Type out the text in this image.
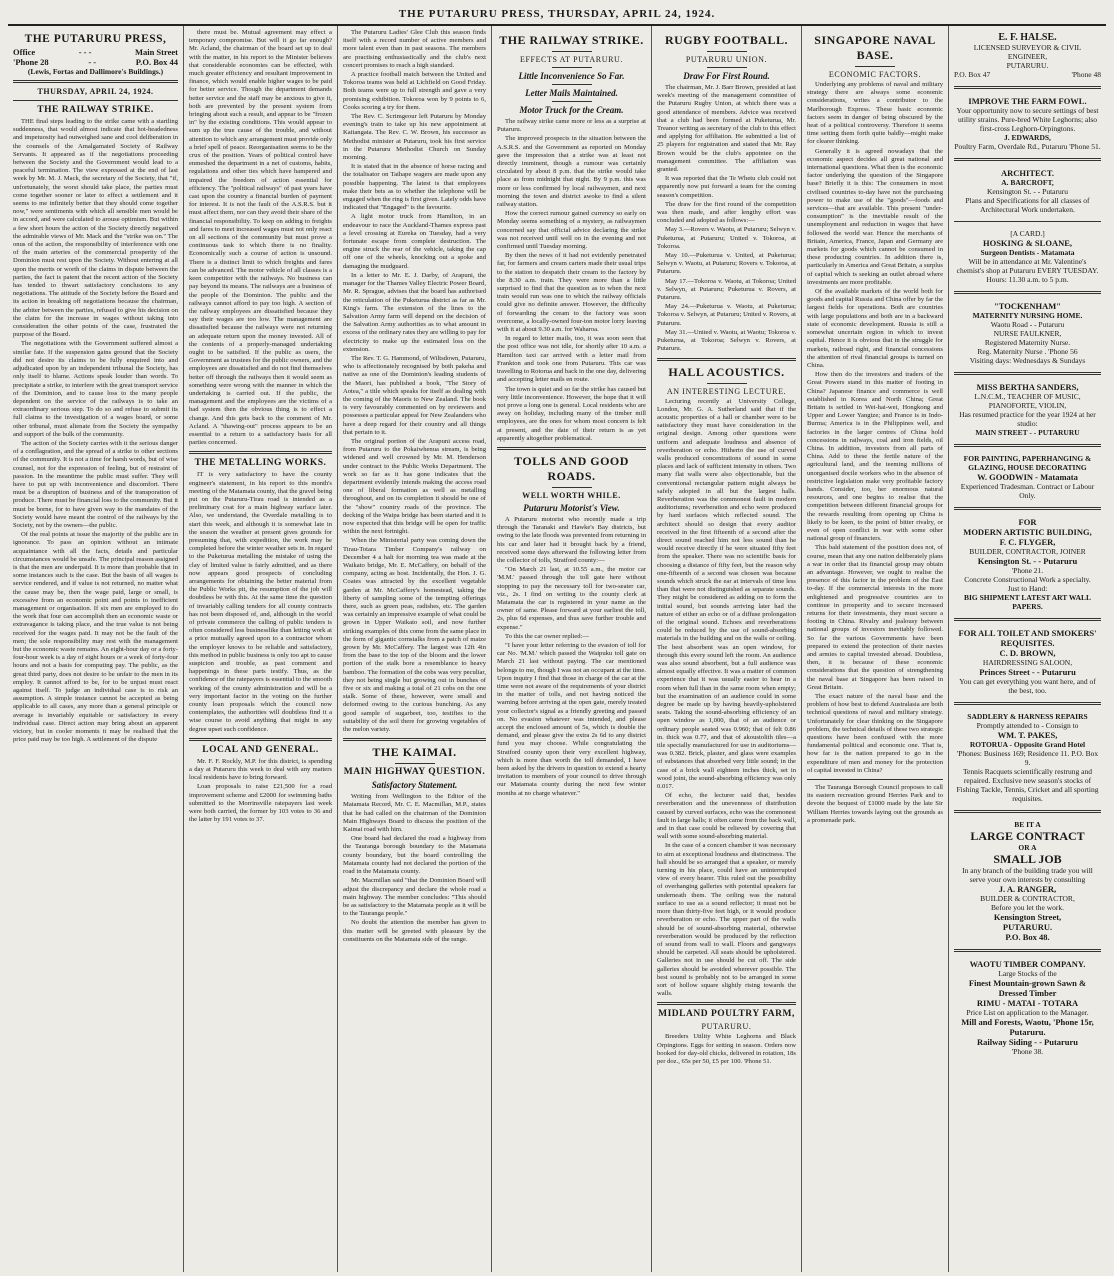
THE PUTARURU PRESS, THURSDAY, APRIL 24, 1924.
THE PUTARURU PRESS,
Office	- - -	Main Street
'Phone 28	- -	P.O. Box 44
(Lewis, Fortas and Dallimore's Buildings.)
THURSDAY, APRIL 24, 1924.
THE RAILWAY STRIKE.

THE final steps leading to the strike came with a startling suddenness, that would almost indicate that hot-headedness and impetuosity had outweighed sane and cool deliberation in the counsels of the Amalgamated Society of Railway Servants. It appeared as if the negotiations proceeding between the Society and the Government would lead to a peaceful termination. The view expressed at the end of last week by Mr. M. J. Mack, the secretary of the Society, that "if, unfortunately, the worst should take place, the parties must come together sooner or later to effect a settlement and it seems to me infinitely better that they should come together now," were sentiments with which all sensible men would be in accord, and were calculated to arouse optimism. But within a few short hours the action of the Society directly negatived the admirable views of Mr. Mack and the "strike was on." The onus of the action, the responsibility of interference with one of the main arteries of the commercial prosperity of the Dominion must rest upon the Society. Without entering at all upon the merits or worth of the claims in dispute between the parties, the fact is patent that the recent action of the Society has tended to thwart satisfactory conclusions to any negotiations. The attitude of the Society before the Board and its action in breaking off negotiations because the chairman, the arbiter between the parties, refused to give his decision on the claim for the increase in wages without taking into consideration the other points of the case, frustrated the purpose of the Board.

The negotiations with the Government suffered almost a similar fate. If the suspension gains ground that the Society did not desire its claims to be fully enquired into and adjudicated upon by an independent tribunal the Society, has only itself to blame. Actions speak louder than words. To precipitate a strike, to interfere with the great transport service of the Dominion, and to cause loss to the many people dependent on the service of the railways is to take an extraordinary serious step. To do so and refuse to submit its full claims to the investigation of a wages board, or some other tribunal, must alienate from the Society the sympathy and support of the bulk of the community.

The action of the Society carries with it the serious danger of a conflagration, and the spread of a strike to other sections of the community. It is not a time for harsh words, but of wise counsel, not for the expression of feeling, but of restraint of passion. In the meantime the public must suffer. They will have to put up with inconvenience and discomfort. There must be a disruption of business and of the transporation of produce. There must be financial loss to the community. But it must be borne, for to have given way to the mandates of the Society would have meant the control of the railways by the Society, not by the owners—the public.

Of the real points at issue the majority of the public are in ignorance. To pass an opinion without an intimate acquaintance with all the facts, details and particular circumstances would be unsafe. The principal reason assigned is that the men are underpaid. It is more than probable that in some instances such is the case. But the basis of all wages is service rendered, and if value is not returned, no matter what the cause may be, then the wage paid, large or small, is excessive from an economic point and points to inefficient management or organisation. If six men are employed to do the work that four can accomplish then an economic waste or extravagance is taking place, and the true value is not being received for the wages paid. It may not be the fault of the men; the sole responsibility may rest with the management but the economic waste remains. An eight-hour day or a forty-four-hour week is a day of eight hours or a week of forty-four hours and not a basis for computing pay. The public, as the great third party, does not desire to be unfair to the men in its employ. It cannot afford to be, for to be unjust must react against itself. To judge an individual case is to risk an assumption. A simple instance cannot be accepted as being applicable to all cases, any more than a general principle or average is invariably equitable or satisfactory in every individual case. Direct action may bring about an apparent victory, but in cooler moments it may be realised that the price paid may be too high. A settlement of the dispute

there must be. Mutual agreement may effect a temporary compromise. But will it go far enough? Mr. Acland, the chairman of the board set up to deal with the matter, in his report to the Minister believes that considerable economies can be effected, with much greater efficiency and resultant improvement in finance, which would enable higher wages to be paid for better service. Though the department demands better service and the staff may be anxious to give it, both are prevented by the present system from bringing about such a result, and appear to be "frozen in" by the existing conditions. This would appear to sum up the true cause of the trouble, and without attention to which any arrangement must provide only a brief spell of peace. Reorganisation seems to be the crux of the position. Years of political control have enmeshed the department in a net of customs, habits, regulations and other ties which have hampered and impaired the freedom of action essential for efficiency. The "political railways" of past years have cast upon the country a financial burden of payment for interest. It is not the fault of the A.S.R.S. but it must affect them, nor can they avoid their share of the financial responsibility. To keep on adding to freights and fares to meet increased wages must not only react on all sections of the community but must prove a continuous task to which there is no finality. Economically such a course of action is unsound. There is a distinct limit to which freights and fares can be advanced. The motor vehicle of all classes is a keen competitor with the railways. No business can pay beyond its means. The railways are a business of the people of the Dominion. The public and the railways cannot afford to pay too high. A section of the railway employees are dissatisfied because they say their wages are too low. The management are dissatisfied because the railways were not returning an adequate return upon the money invested. All of the contents of a properly-managed undertaking ought to be satisfied. If the public as users, the Government as trustees for the public owners, and the employees are dissatisfied and do not find themselves better off through the railways then it would seem as something were wrong with the manner in which the undertaking is carried out. If the public, the management and the employees are the victims of a bad system then the obvious thing is to effect a change. And this gets back to the comment of Mr. Acland. A "thawing-out" process appears to be an essential to a return to a satisfactory basis for all parties concerned.

THE METALLING WORKS.

IT is very satisfactory to have the county engineer's statement, in his report to this month's meeting of the Matamata county, that the gravel being put on the Putaruru-Tirau road is intended as a preliminary coat for a main highway surface later. Also, we understand, the Overdale metalling is to start this week, and although it is somewhat late in the season the weather at present gives grounds for presuming that, with expedition, the work may be completed before the winter weather sets in. In regard to the Puketurua metalling the mistake of using the clay of limited value is fairly admitted, and as there now appears good prospects of concluding arrangements for obtaining the better material from the Public Works pit, the resumption of the job will doubtless be with this. At the same time the question of invariably calling tenders for all county contracts has not been disposed of, and, although in the world of private commerce the calling of public tenders is often considered less businesslike than letting work at a price mutually agreed upon to a contractor whom the employer knows to be reliable and satisfactory, this method in public business is only too apt to cause suspicion and trouble, as past comment and happenings in these parts testify. Thus, as the confidence of the ratepayers is essential to the smooth working of the county administration and will be a very important factor in the voting on the further county loan proposals which the council now contemplates, the authorities will doubtless find it a wise course to avoid anything that might in any degree upset such confidence.

LOCAL AND GENERAL.

Mr. F. F. Rockly, M.P. for this district, is spending a day at Putaruru this week to deal with any matters local residents have to bring forward.

Loan proposals to raise £21,500 for a road improvement scheme and £2000 for swimming baths submitted to the Morrinsville ratepayers last week were both carried, the former by 103 votes to 36 and the latter by 191 votes to 37.

The Putaruru Ladies' Glee Club this season finds itself with a record number of active members and more talent even than in past seasons. The members are practising enthusiastically and the club's next concert promises to reach a high standard.

A practice football match between the United and Tokoroa teams was held at Lichfield on Good Friday. Both teams were up to full strength and gave a very promising exhibition. Tokoroa won by 9 points to 6, Cooks scoring a try for them.

The Rev. C. Scrimgeour left Putaruru by Monday evening's train to take up his new appointment at Kaitangata. The Rev. C. W. Brown, his successor as Methodist minister at Putaruru, took his first service in the Putaruru Methodist Church on Sunday morning.

It is stated that in the absence of horse racing and the totalisator on Taihape wagers are made upon any possible happening. The latest is that employees make their bets as to whether the telephone will be engaged when the ring is first given. Lately odds have indicated that "Engaged" is the favourite.

A light motor truck from Hamilton, in an endeavour to race the Auckland-Thames express past a level crossing at Eureka on Tuesday, had a very fortunate escape from complete destruction. The engine struck the rear of the vehicle, taking the cap off one of the wheels, knocking out a spoke and damaging the mudguard.

In a letter to Mr. E. J. Darby, of Arapuni, the manager for the Thames Valley Electric Power Board, Mr. R. Sprague, advises that the board has authorised the reticulation of the Puketurua district as far as Mr. King's farm. The extension of the lines to the Salvation Army farm will depend on the decision of the Salvation Army authorities as to what amount in excess of the ordinary rates they are willing to pay for electricity to make up the estimated loss on the extension.

The Rev. T. G. Hammond, of Wiltsdown, Putaruru, who is affectionately recognised by both pakeha and native as one of the Dominion's leading students of the Maori, has published a book, "The Story of Aotea," a title which speaks for itself as dealing with the coming of the Maoris to New Zealand. The book is very favourably commented on by reviewers and possesses a particular appeal for New Zealanders who have a deep regard for their country and all things that pertain to it.

The original portion of the Arapuni access road, from Putaruru to the Pokaiwhenua stream, is being widened and well crowned by Mr. M. Henderson under contract to the Public Works Department. The work so far as it has gone indicates that the department evidently intends making the access road one of liberal formation as well as metalling throughout, and on its completion it should be one of the "show" country roads of the province. The decking of the Waipa bridge has been started and it is now expected that this bridge will be open for traffic within the next fortnight.

When the Ministerial party was coming down the Tirau-Totara Timber Company's railway on December 4 a halt for morning tea was made at the Waikato bridge, Mr. E. McCaffery, on behalf of the company, acting as host. Incidentally, the Hon. J. G. Coates was attracted by the excellent vegetable garden at Mr. McCaffery's homestead, taking the liberty of sampling some of the tempting offerings there, such as green peas, radishes, etc. The garden was certainly an impressive example of what could be grown in Upper Waikato soil, and now further striking examples of this come from the same place in the form of gigantic cornstalks from a patch of maize grown by Mr. McCaffery. The largest was 12ft 4in from the base to the top of the bloom and the lower portion of the stalk bore a resemblance to heavy bamboo. The formation of the cobs was very peculiar, they not being single but growing out in bunches of five or six and making a total of 21 cobs on the one stalk. Some of these, however, were small and deformed owing to the curious bunching. As any good sample of sugarbeet, too, testifies to the suitability of the soil there for growing vegetables of the melon variety.

THE KAIMAI.
MAIN HIGHWAY QUESTION.
Satisfactory Statement.

Writing from Wellington to the Editor of the Matamata Record, Mr. C. E. Macmillan, M.P., states that he had called on the chairman of the Dominion Main Highways Board to discuss the position of the Kaimai road with him.

One board had declared the road a highway from the Tauranga borough boundary to the Matamata county boundary, but the board controlling the Matamata county had not declared the portion of the road in the Matamata county.

Mr. Macmillan said "that the Dominion Board will adjust the discrepancy and declare the whole road a main highway. The member concludes: "This should be as satisfactory to the Matamata people as it will be to the Tauranga people."

No doubt the attention the member has given to this matter will be greeted with pleasure by the constituents on the Matamata side of the range.

THE RAILWAY STRIKE.
EFFECTS AT PUTARURU.
Little Inconvenience So Far.
Letter Mails Maintained.
Motor Truck for the Cream.

The railway strike came more or less as a surprise at Putaruru.

The improved prospects in the situation between the A.S.R.S. and the Government as reported on Monday gave the impression that a strike was at least not directly imminent, though a rumour was certainly circulated by about 8 p.m. that the strike would take place as from midnight that night. By 9 p.m. this was more or less confirmed by local railwaymen, and next morning the town and district awoke to find a silent railway station.

How the correct rumour gained currency so early on Monday seems something of a mystery, as railwaymen concerned say that official advice declaring the strike was not received until well on in the evening and not confirmed until Tuesday morning.

By then the news of it had not evidently penetrated far, for farmers and cream carters made their usual trips to the station to despatch their cream to the factory by the 8.30 a.m. train. They were more than a little surprised to find that the question as to when the next train would run was one to which the railway officials could give no definite answer. However, the difficulty of forwarding the cream to the factory was soon overcome, a locally-owned four-ton motor lorry leaving with it at about 9.30 a.m. for Waharoa.

In regard to letter mails, too, it was soon seen that the post office was not idle, for shortly after 10 a.m. a Hamilton taxi car arrived with a letter mail from Frankton and took one from Putaruru. This car was travelling to Rotorua and back in the one day, delivering and accepting letter mails en route.

The town is quiet and so far the strike has caused but very little inconvenience. However, the hope that it will not prove a long one is general. Local residents who are away on holiday, including many of the timber mill employees, are the ones for whom most concern is felt at present, and the date of their return is as yet apparently altogether problematical.

TOLLS AND GOOD ROADS.
WELL WORTH WHILE.
Putaruru Motorist's View.

A Putaruru motorist who recently made a trip through the Taranaki and Hawke's Bay districts, but owing to the late floods was prevented from returning in his car and later had it brought back by a friend, received some days afterward the following letter from the collector of tolls, Stratford county:—

"On March 21 last, at 10.55 a.m., the motor car 'M.M.' passed through the toll gate here without stopping to pay the necessary toll for two-seater car, viz., 2s. I find on writing to the county clerk at Matamata the car is registered in your name as the owner of same. Please forward at your earliest the toll, 2s, plus 6d expenses, and thus save further trouble and expense."

To this the car owner replied:—

"I have your letter referring to the evasion of toll for car No. 'M.M.' which passed the Waipuku toll gate on March 21 last without paying. The car mentioned belongs to me, though I was not an occupant at the time. Upon inquiry I find that those in charge of the car at the time were not aware of the requirements of your district in the matter of tolls, and not having noticed the warning before arriving at the open gate, merely treated your collector's signal as a friendly greeting and passed on. No evasion whatever was intended, and please accept the enclosed amount of 5s, which is double the demand, and please give the extra 2s 6d to any district fund you may choose. While congratulating the Stratford county upon their very excellent highway, which is more than worth the toll demanded, I have been asked by the drivers in question to extend a hearty invitation to members of your council to drive through our Matamata county during the next few winter months at no charge whatever."

RUGBY FOOTBALL.
PUTARURU UNION.
Draw For First Round.

The chairman, Mr. J. Barr Brown, presided at last week's meeting of the management committee of the Putaruru Rugby Union, at which there was a good attendance of members. Advice was received that a club had been formed at Puketurua, Mr. Treanor writing as secretary of the club to this effect and applying for affiliation. He submitted a list of 25 players for registration and stated that Mr. Ray Brown would be the club's appointee on the management committee. The affiliation was granted.

It was reported that the Te Whetu club could not apparently now put forward a team for the coming season's competition.

The draw for the first round of the competition was then made, and after lengthy effort was concluded and adopted as follows:—

May 3.—Rovers v. Waotu, at Putaruru; Selwyn v. Puketurua, at Putaruru; United v. Tokoroa, at Tokoroa.

May 10.—Puketurua v. United, at Puketurua; Selwyn v. Waotu, at Putaruru; Rovers v. Tokoroa, at Putaruru.

May 17.—Tokoroa v. Waotu, at Tokoroa; United v. Selwyn, at Putaruru; Puketurua v. Rovers, at Putaruru.

May 24.—Puketurua v. Waotu, at Puketurua; Tokoroa v. Selwyn, at Putaruru; United v. Rovers, at Putaruru.

May 31.—United v. Waotu, at Waotu; Tokoroa v. Puketurua, at Tokoroa; Selwyn v. Rovers, at Putaruru.

HALL ACOUSTICS.
AN INTERESTING LECTURE.

Lecturing recently at University College, London, Mr. G. A. Sutherland said that if the acoustic properties of a hall or chamber were to be satisfactory they must have consideration in the original design. Among other questions were uniform and adequate loudness and absence of reverberation or echo. Hitherto the use of curved walls produced concentrations of sound in some places and lack of sufficient intensity in others. Two many flat walls were also objectionable, but the conventional rectangular pattern might always be safely adopted in all but the largest halls. Reverberation was the commonest fault in modern auditoriums; reverberation and echo were produced by hard surfaces which reflected sound. The architect should so design that every auditor received in the first fifteenth of a second after the direct sound reached him not less sound than he would receive directly if he were situated fifty feet from the speaker. There was no scientific basis for choosing a distance of fifty feet, but the reason why one-fifteenth of a second was chosen was because sounds which struck the ear at intervals of time less than that were not distinguished as separate sounds. They might be considered as adding on to form the initial sound, but sounds arriving later had the nature of either an echo or of a diffuse prolongation of the original sound. Echoes and reverberations could be reduced by the use of sound-absorbing materials in the building and on the walls or ceiling. The best absorbent was an open window, for through this every sound left the room. An audience was also sound absorbent, but a full audience was almost equally effective. It was a matter of common experience that it was usually easier to hear in a room when full than in the same room when empty; but the examination of an audience could in some degree be made up by having heavily-upholstered seats. Taking the sound-absorbing efficiency of an open window as 1,000, that of an audience or ordinary people seated was 0.960; that of felt 0.86 in. thick was 0.77, and that of akoustolith tiles—a tile specially manufactured for use in auditoriums—was 0.382. Brick, plaster, and glass were examples of substances that absorbed very little sound; in the case of a brick wall eighteen inches thick, set in wood joint, the sound-absorbing efficiency was only 0.017.

Of echo, the lecturer said that, besides reverberation and the unevenness of distribution caused by curved surfaces, echo was the commonest fault in large halls; it often came from the back wall, and in that case could be relieved by covering that wall with some sound-absorbing material.

In the case of a concert chamber it was necessary to aim at exceptional loudness and distinctness. The hall should be so arranged that a speaker, or merely turning in his place, could have an uninterrupted view of every hearer. This ruled out the possibility of overhanging galleries with potential speakers far underneath them. The ceiling was the natural surface to use as a sound reflector; it must not be more than thirty-five feet high, or it would produce reverberation or echo. The upper part of the walls should be of sound-absorbing material, otherwise reverberation would be produced by the reflection of sound from wall to wall. Floors and gangways should be carpeted. All seats should be upholstered. Galleries not in use should be cut off. The side galleries should be avoided wherever possible. The best sound is probably not to be arranged in some sort of hollow square slightly rising towards the walls.

MIDLAND POULTRY FARM,
PUTARURU.

Breeders Utility White Leghorns and Black Orpingtons. Eggs for setting in season. Orders now booked for day-old chicks, delivered in rotation, 18s per doz., 65s per 50, £5 per 100. 'Phone 51.

SINGAPORE NAVAL BASE.
ECONOMIC FACTORS.

Underlying any problems of naval and military strategy there are always some economic considerations, writes a contributor to the Marlborough Express. These basic economic factors seem in danger of being obscured by the heat of a political controversy. Therefore it seems time setting them forth quite baldly—might make for clearer thinking.

Generally it is agreed nowadays that the economic aspect decides all great national and international questions. What then is the economic factor underlying the question of the Singapore base? Briefly it is this: The consumers in most civilised countries to-day have not the purchasing power to make use of the "goods"—foods and services—that are available. This present "under-consumption" is the inevitable result of the unemployment and reduction in wages that have followed the world war. Hence the merchants of Britain, America, France, Japan and Germany are markets for goods which cannot be consumed in these producing countries. In addition there is, particularly in America and Great Britain, a surplus of capital which is seeking an outlet abroad where investments are more profitable.

Of the available markets of the world both for goods and capital Russia and China offer by far the largest fields for operations. Both are countries with large populations and both are in a backward state of economic development. Russia is still a somewhat uncertain region in which to invest capital. Hence it is obvious that in the struggle for markets, railroad right, and financial concessions the attention of rival financial groups is turned on China.

How then do the investors and traders of the Great Powers stand in this matter of footing in China? Japanese finance and commerce is well established in Korea and North China; Great Britain is settled in Wei-hai-wei, Hongkong and Upper and Lower Yangtze; and France is in Indo-Burma; America is in the Philippines well, and factories in the larger centres of China hold concessions in railways, coal and iron fields, oil China. In addition, investors from all parts of China. Add to these the fertile nature of the agricultural land, and the teeming millions of unorganised docile workers who in the absence of restrictive legislation make very profitable factory hands. Consider, too, her enormous natural resources, and one begins to realise that the competition between different financial groups for the rewards resulting from opening up China is likely to be keen, to the point of bitter rivalry, or even of open conflict in war with some other national group of financiers.

This bald statement of the position does not, of course, mean that any one nation deliberately plans a war in order that its financial group may obtain an advantage. However, we ought to realise the presence of this factor in the problem of the East to-day. If the commercial interests in the more enlightened and progressive countries are to continue in prosperity and to secure increased returns for their investments, they must secure a footing in China. Rivalry and jealousy between national groups of investors inevitably followed. So far the various Governments have been prepared to extend the protection of their navies and armies to capital invested abroad. Doubtless, then, it is because of these economic considerations that the question of strengthening the naval base at Singapore has been raised in Great Britain.

The exact nature of the naval base and the problem of how best to defend Australasia are both technical questions of naval and military strategy. Unfortunately for clear thinking on the Singapore problem, the technical details of these two strategic questions have been confused with the more fundamental political and economic one. That is, how far is the nation prepared to go in the expenditure of men and money for the protection of capital invested in China?

The Tauranga Borough Council proposes to call its eastern recreation ground Herries Park and to devote the bequest of £1000 made by the late Sir William Herries towards laying out the grounds as a promenade park.

E. F. HALSE.
LICENSED SURVEYOR & CIVIL ENGINEER,
PUTARURU.
P.O. Box 47	'Phone 48
IMPROVE THE FARM FOWL.
Your opportunity now to secure settings of best utility strains. Pure-bred White Leghorns; also first-cross Leghorn-Orpingtons.
J. EDWARDS,
Poultry Farm, Overdale Rd., Putaruru 'Phone 51.
ARCHITECT.
A. BARCROFT,
Kensington St. - - Putaruru
Plans and Specifications for all classes of Architectural Work undertaken.
[A CARD.]
HOSKING & SLOANE,
Surgeon Dentists - Matamata
Will be in attendance at Mr. Valentine's chemist's shop at Putaruru EVERY TUESDAY.
Hours: 11.30 a.m. to 5 p.m.
"TOCKENHAM"
MATERNITY NURSING HOME.
Waotu Road - - Putaruru
NURSE FAULKNER,
Registered Maternity Nurse.
Reg. Maternity Nurse . 'Phone 56
Visiting days: Wednesdays & Sundays
MISS BERTHA SANDERS,
L.N.C.M., TEACHER OF MUSIC, PIANOFORTE, VIOLIN,
Has resumed practice for the year 1924 at her studio:
MAIN STREET - - PUTARURU
FOR PAINTING, PAPERHANGING & GLAZING, HOUSE DECORATING
W. GOODWIN - Matamata
Experienced Tradesman. Contract or Labour Only.
FOR
MODERN ARTISTIC BUILDING,
F. C. FLYGER,
BUILDER, CONTRACTOR, JOINER
Kensington St. - - Putaruru
'Phone 21.
Concrete Constructional Work a specialty.
Just to Hand:
BIG SHIPMENT LATEST ART WALL PAPERS.
FOR ALL TOILET AND SMOKERS' REQUISITES.
C. D. BROWN,
HAIRDRESSING SALOON,
Princes Street - - Putaruru
You can get everything you want here, and of the best, too.
SADDLERY & HARNESS REPAIRS
Promptly attended to - Consign to
WM. T. PAKES,
ROTORUA - Opposite Grand Hotel
'Phones: Business 169; Residence 11. P.O. Box 9.
Tennis Racquets scientifically restrung and repaired. Exclusive new season's stocks of Fishing Tackle, Tennis, Cricket and all sporting requisites.
BE IT A
LARGE CONTRACT
OR A
SMALL JOB
In any branch of the building trade you will serve your own interests by consulting
J. A. RANGER,
BUILDER & CONTRACTOR,
Before you let the work.
Kensington Street,
PUTARURU.
P.O. Box 48.
WAOTU TIMBER COMPANY.
Large Stocks of the
Finest Mountain-grown Sawn & Dressed Timber
RIMU - MATAI - TOTARA
Price List on application to the Manager.
Mill and Forests, Waotu, 'Phone 15r, Putaruru.
Railway Siding - - Putaruru
'Phone 38.
